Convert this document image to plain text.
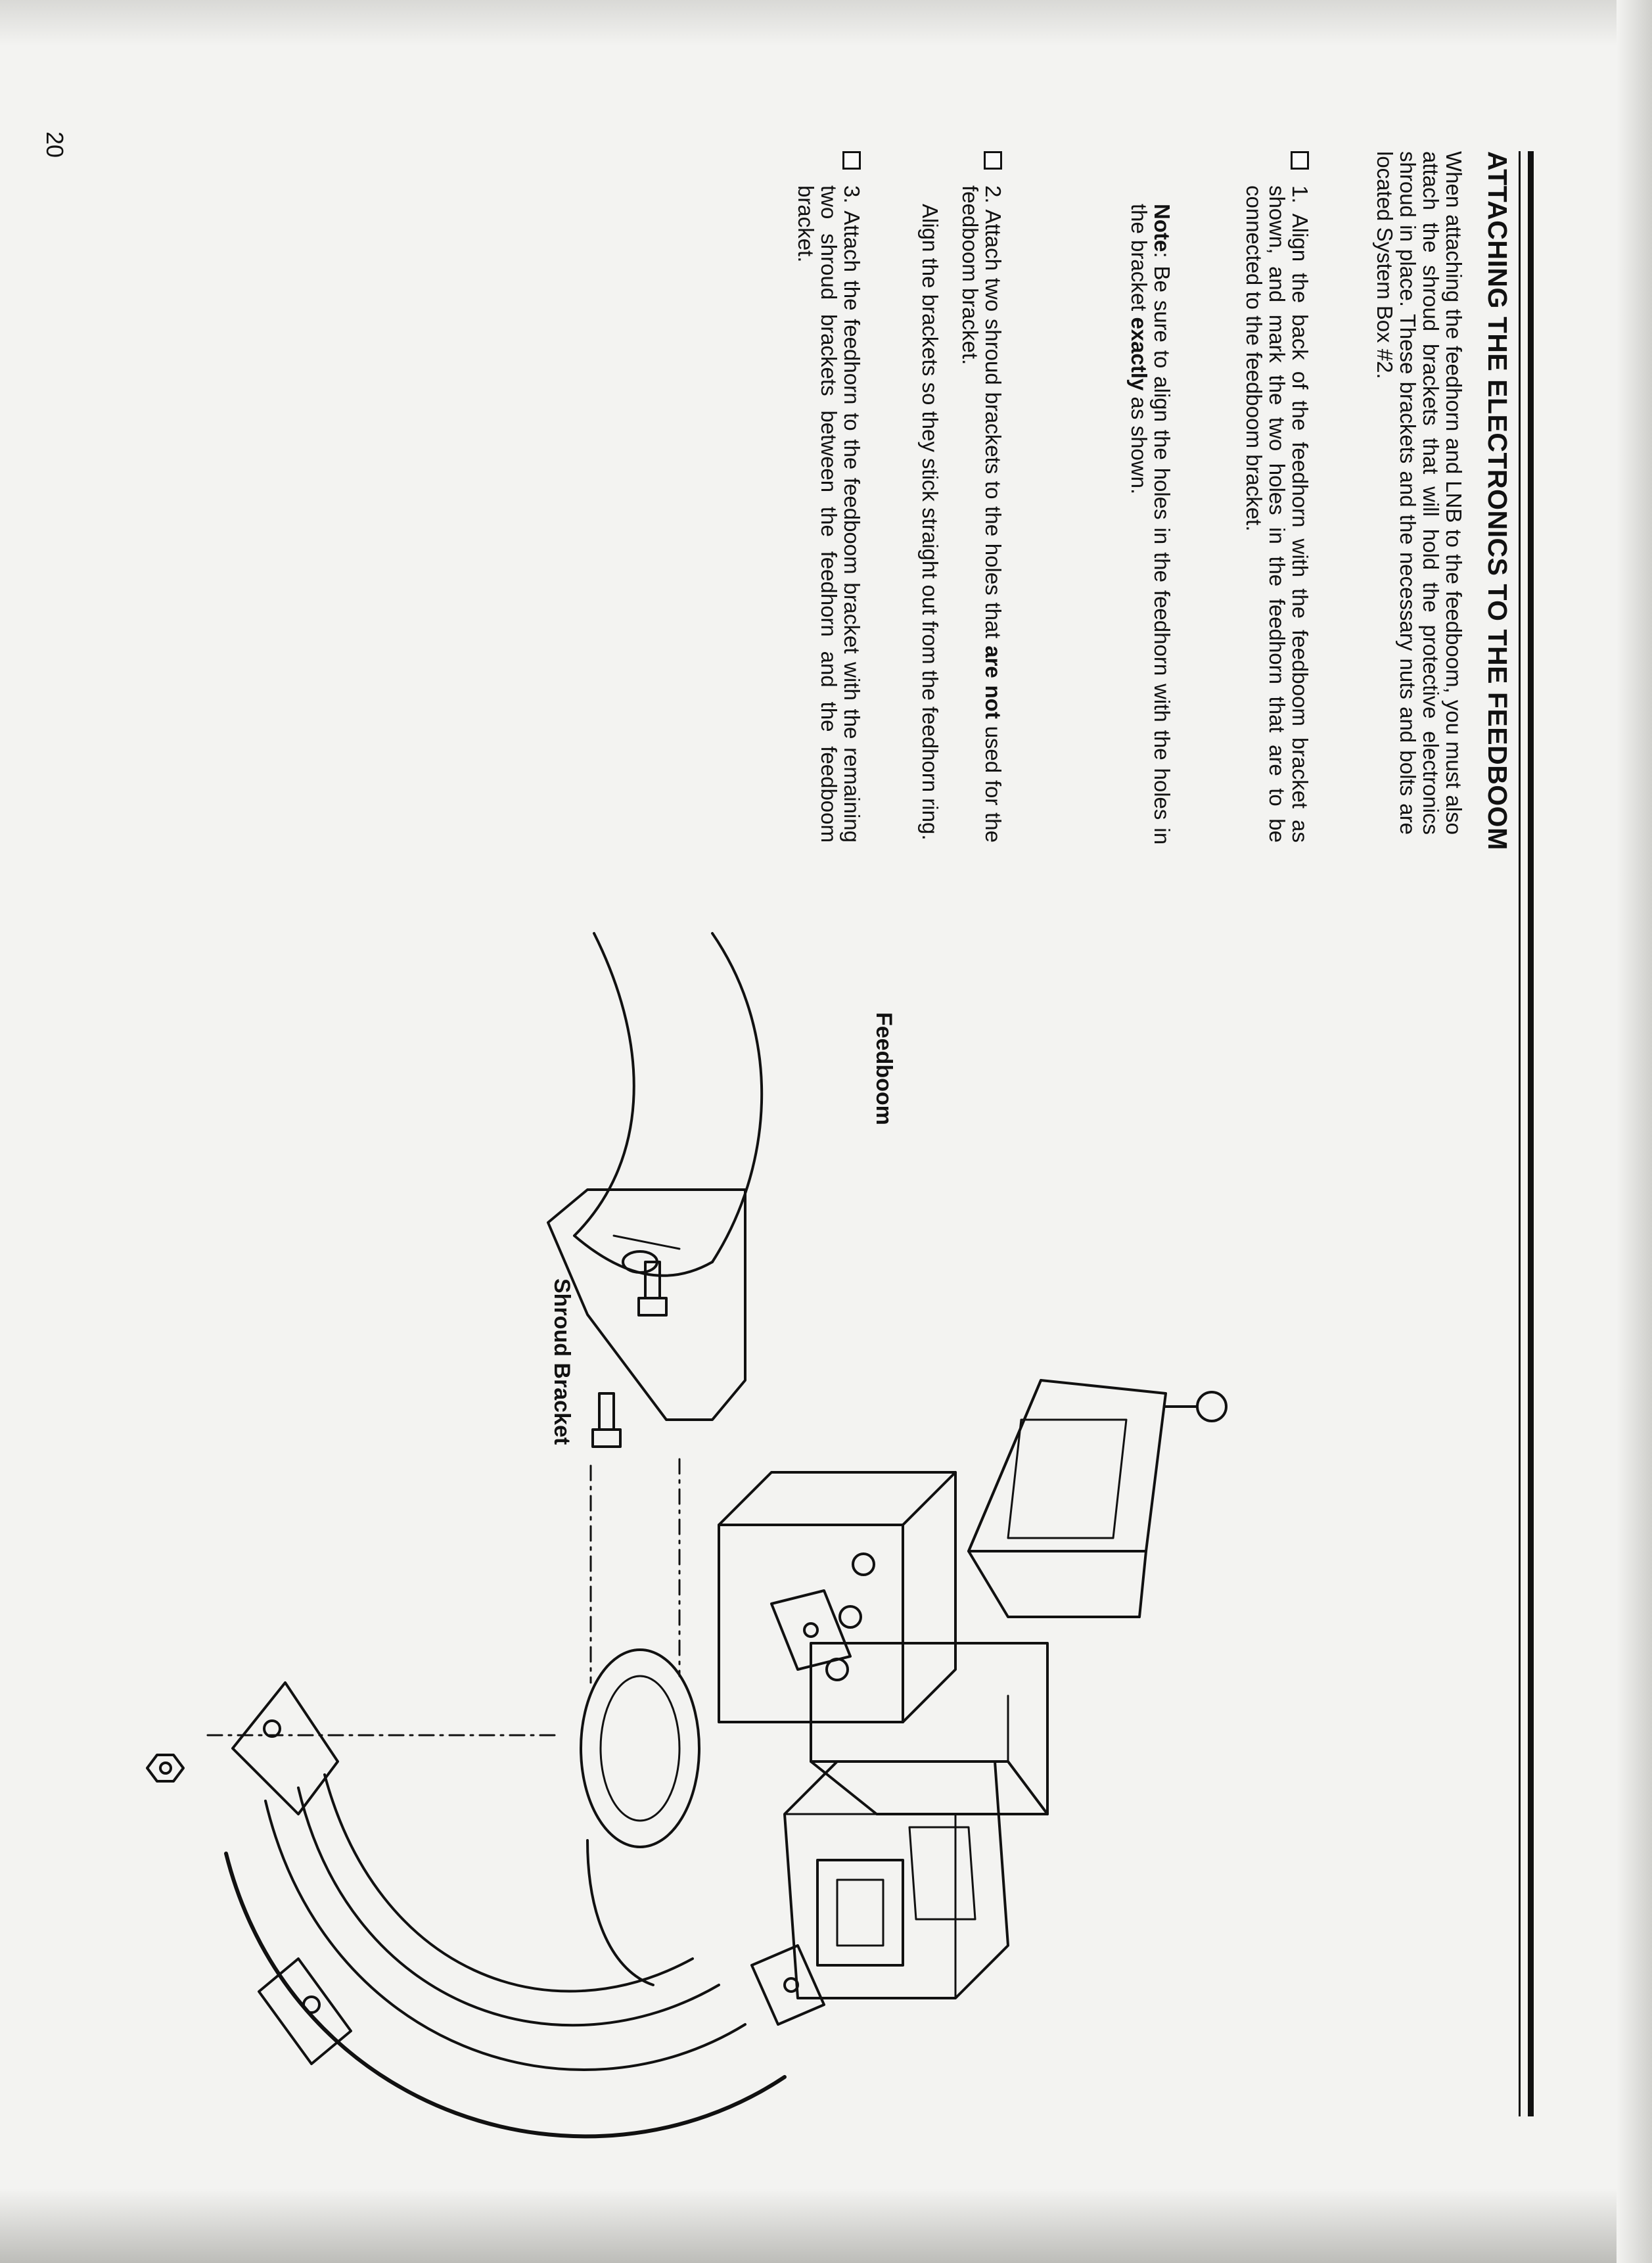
ATTACHING THE ELECTRONICS TO THE FEEDBOOM

When attaching the feedhorn and LNB to the feedboom, you must also attach the shroud brackets that will hold the protective electronics shroud in place. These brackets and the necessary nuts and bolts are located System Box #2.

1. Align the back of the feedhorn with the feedboom bracket as shown, and mark the two holes in the feedhorn that are to be connected to the feedboom bracket.

Note: Be sure to align the holes in the feedhorn with the holes in the bracket exactly as shown.

2. Attach two shroud brackets to the holes that are not used for the feedboom bracket.

Align the brackets so they stick straight out from the feedhorn ring.

3. Attach the feedhorn to the feedboom bracket with the remaining two shroud brackets between the feedhorn and the feedboom bracket.

20

Feedboom
Shroud Bracket
